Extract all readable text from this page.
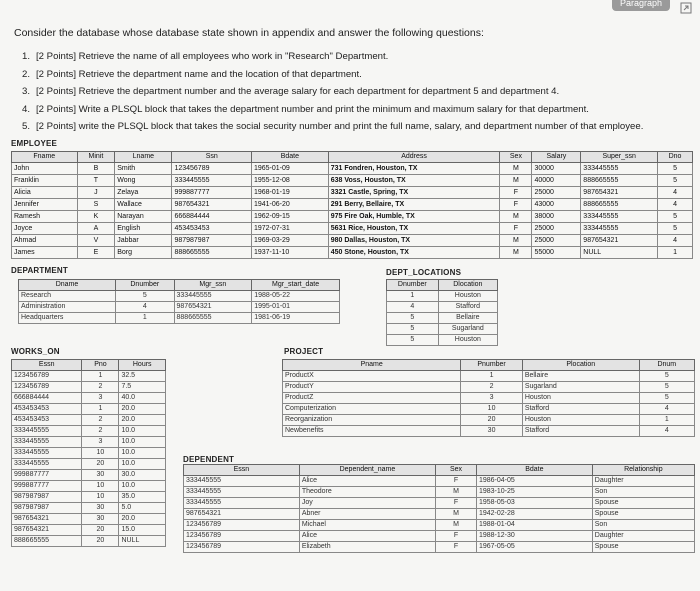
Paragraph
Consider the database whose database state shown in appendix and answer the following questions:
1. [2 Points] Retrieve the name of all employees who work in "Research" Department.
2. [2 Points] Retrieve the department name and the location of that department.
3. [2 Points] Retrieve the department number and the average salary for each department for department 5 and department 4.
4. [2 Points] Write a PLSQL block that takes the department number and print the minimum and maximum salary for that department.
5. [2 Points] write the PLSQL block that takes the social security number and print the full name, salary, and department number of that employee.
EMPLOYEE
Fname	Minit	Lname	Ssn	Bdate	Address	Sex	Salary	Super_ssn	Dno
John	B	Smith	123456789	1965-01-09	731 Fondren, Houston, TX	M	30000	333445555	5
Franklin	T	Wong	333445555	1955-12-08	638 Voss, Houston, TX	M	40000	888665555	5
Alicia	J	Zelaya	999887777	1968-01-19	3321 Castle, Spring, TX	F	25000	987654321	4
Jennifer	S	Wallace	987654321	1941-06-20	291 Berry, Bellaire, TX	F	43000	888665555	4
Ramesh	K	Narayan	666884444	1962-09-15	975 Fire Oak, Humble, TX	M	38000	333445555	5
Joyce	A	English	453453453	1972-07-31	5631 Rice, Houston, TX	F	25000	333445555	5
Ahmad	V	Jabbar	987987987	1969-03-29	980 Dallas, Houston, TX	M	25000	987654321	4
James	E	Borg	888665555	1937-11-10	450 Stone, Houston, TX	M	55000	NULL	1
DEPARTMENT
Dname	Dnumber	Mgr_ssn	Mgr_start_date
Research	5	333445555	1988-05-22
Administration	4	987654321	1995-01-01
Headquarters	1	888665555	1981-06-19
DEPT_LOCATIONS
Dnumber	Dlocation
1	Houston
4	Stafford
5	Bellaire
5	Sugarland
5	Houston
WORKS_ON
Essn	Pno	Hours
123456789	1	32.5
123456789	2	7.5
666884444	3	40.0
453453453	1	20.0
453453453	2	20.0
333445555	2	10.0
333445555	3	10.0
333445555	10	10.0
333445555	20	10.0
999887777	30	30.0
999887777	10	10.0
987987987	10	35.0
987987987	30	5.0
987654321	30	20.0
987654321	20	15.0
888665555	20	NULL
PROJECT
Pname	Pnumber	Plocation	Dnum
ProductX	1	Bellaire	5
ProductY	2	Sugarland	5
ProductZ	3	Houston	5
Computerization	10	Stafford	4
Reorganization	20	Houston	1
Newbenefits	30	Stafford	4
DEPENDENT
Essn	Dependent_name	Sex	Bdate	Relationship
333445555	Alice	F	1986-04-05	Daughter
333445555	Theodore	M	1983-10-25	Son
333445555	Joy	F	1958-05-03	Spouse
987654321	Abner	M	1942-02-28	Spouse
123456789	Michael	M	1988-01-04	Son
123456789	Alice	F	1988-12-30	Daughter
123456789	Elizabeth	F	1967-05-05	Spouse
